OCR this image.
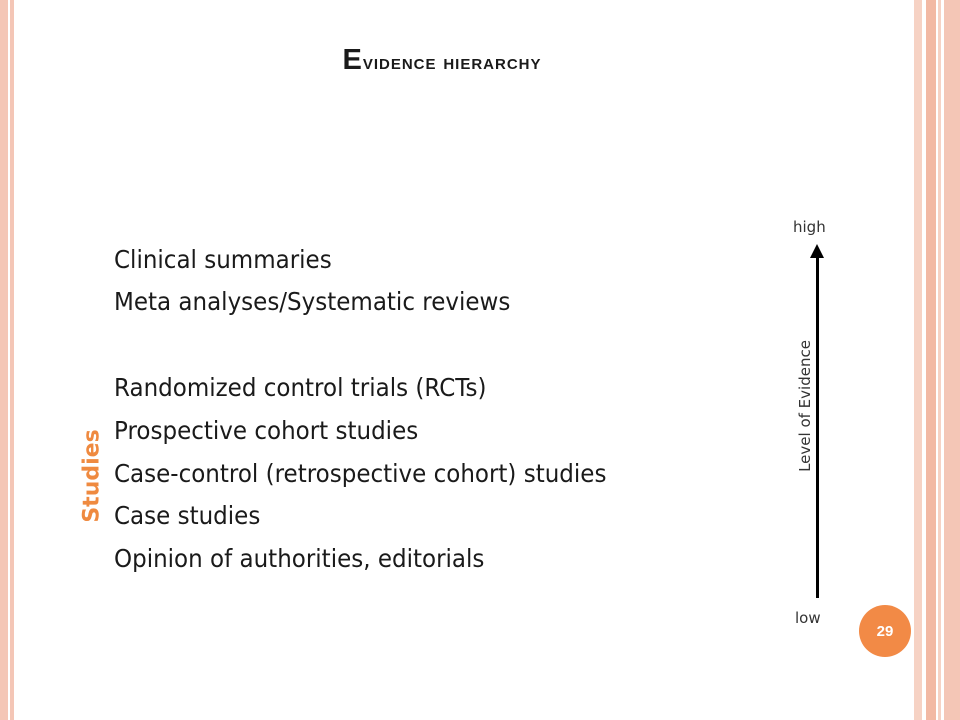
Evidence hierarchy
Clinical summaries
Meta analyses/Systematic reviews
Randomized control trials (RCTs)
Prospective cohort studies
Case-control (retrospective cohort) studies
Case studies
Opinion of authorities, editorials
Studies
high
Level of Evidence
low
29
